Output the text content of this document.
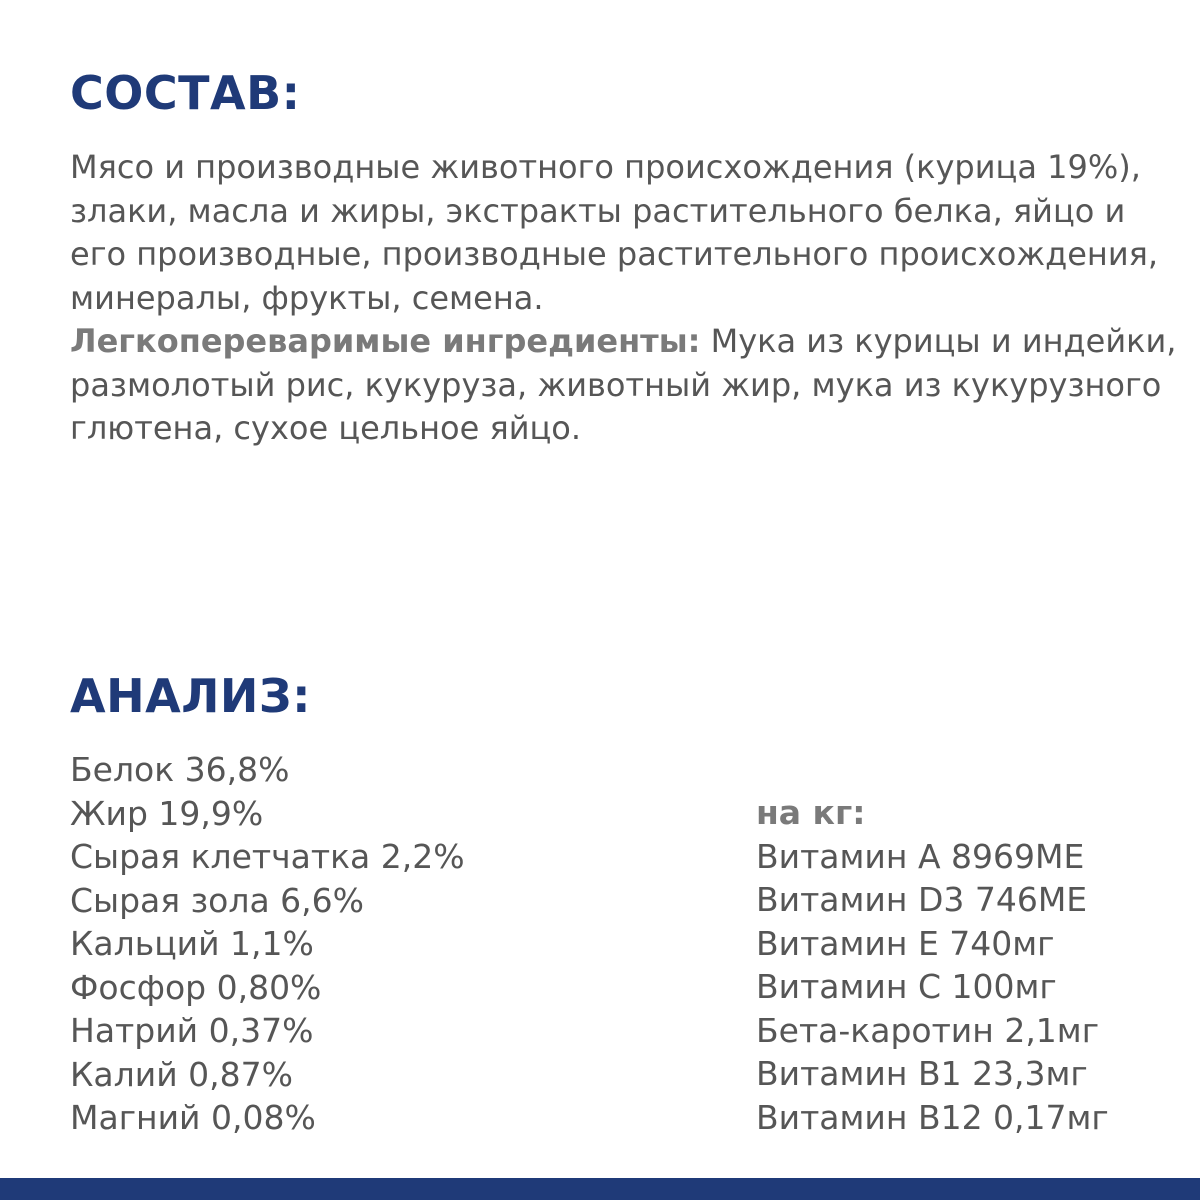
СОСТАВ:

Мясо и производные животного происхождения (курица 19%), злаки, масла и жиры, экстракты растительного белка, яйцо и его производные, производные растительного происхождения, минералы, фрукты, семена.

Легкопереваримые ингредиенты: Мука из курицы и индейки, размолотый рис, кукуруза, животный жир, мука из кукурузного глютена, сухое цельное яйцо.

АНАЛИЗ:
Белок 36,8%
Жир 19,9%
Сырая клетчатка 2,2%
Сырая зола 6,6%
Кальций 1,1%
Фосфор 0,80%
Натрий 0,37%
Калий 0,87%
Магний 0,08%
на кг:
Витамин А 8969МЕ
Витамин D3 746МЕ
Витамин Е 740мг
Витамин С 100мг
Бета-каротин 2,1мг
Витамин В1 23,3мг
Витамин В12 0,17мг
